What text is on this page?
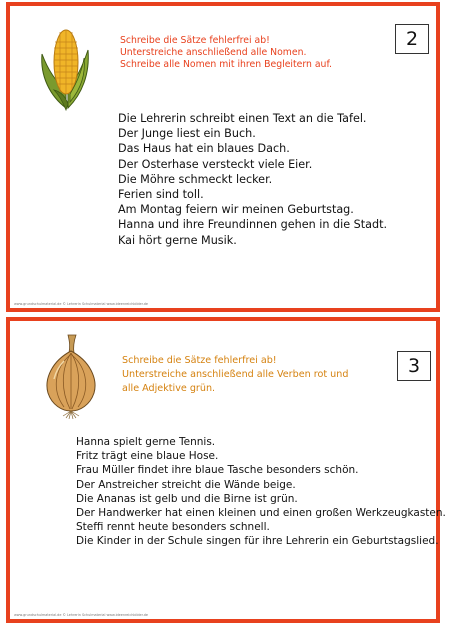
2
Schreibe die Sätze fehlerfrei ab!
Unterstreiche anschließend alle Nomen.
Schreibe alle Nomen mit ihren Begleitern auf.
Die Lehrerin schreibt einen Text an die Tafel.
Der Junge liest ein Buch.
Das Haus hat ein blaues Dach.
Der Osterhase versteckt viele Eier.
Die Möhre schmeckt lecker.
Ferien sind toll.
Am Montag feiern wir meinen Geburtstag.
Hanna und ihre Freundinnen gehen in die Stadt.
Kai hört gerne Musik.
www.grundschulmaterial.de © Lehrerin Schulmaterial www.ideenreichbilder.de
3
Schreibe die Sätze fehlerfrei ab!
Unterstreiche anschließend alle Verben rot und
alle Adjektive grün.
Hanna spielt gerne Tennis.
Fritz trägt eine blaue Hose.
Frau Müller findet ihre blaue Tasche besonders schön.
Der Anstreicher streicht die Wände beige.
Die Ananas ist gelb und die Birne ist grün.
Der Handwerker hat einen kleinen und einen großen Werkzeugkasten.
Steffi rennt heute besonders schnell.
Die Kinder in der Schule singen für ihre Lehrerin ein Geburtstagslied.
www.grundschulmaterial.de © Lehrerin Schulmaterial www.ideenreichbilder.de
